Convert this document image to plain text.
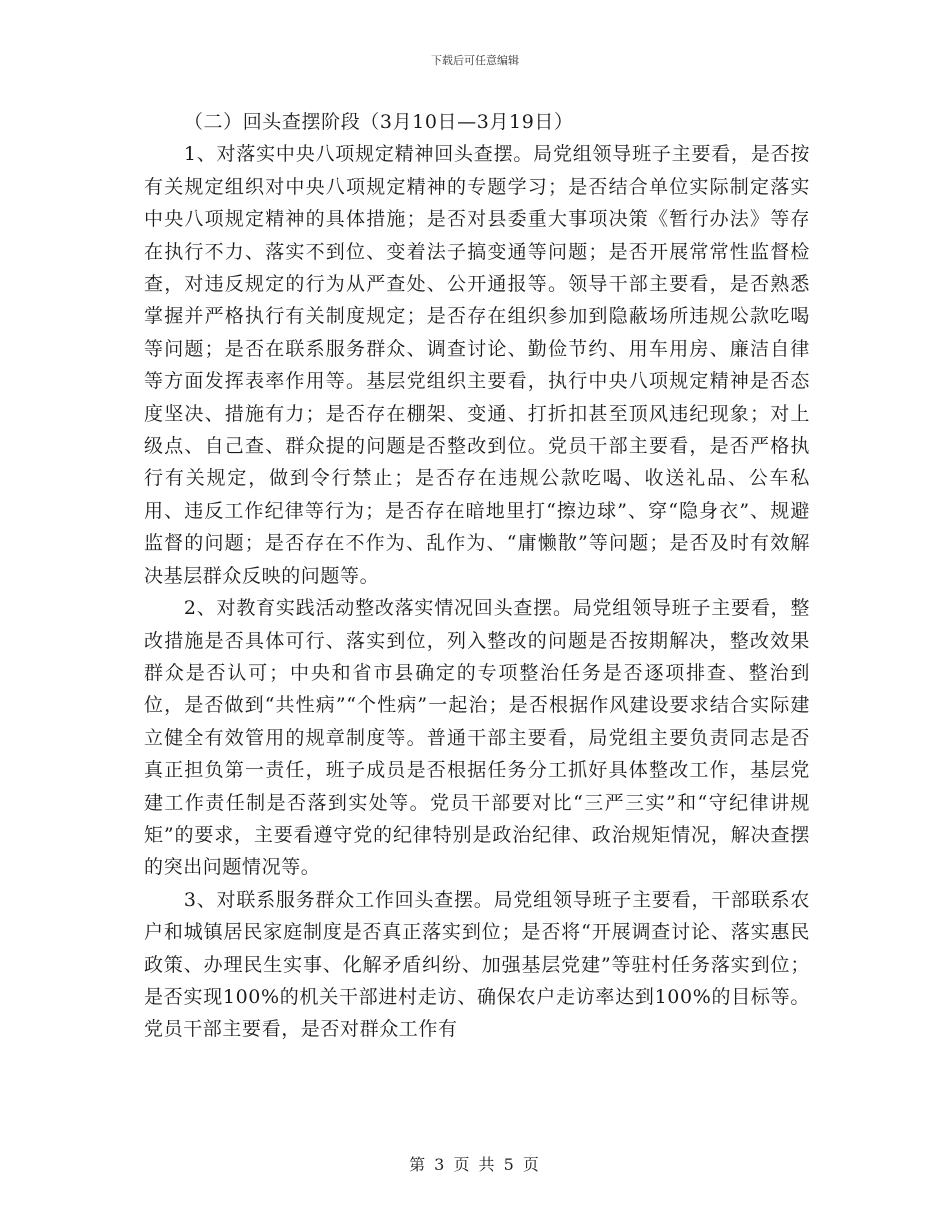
下载后可任意编辑

（二）回头查摆阶段（3月10日—3月19日）

1、对落实中央八项规定精神回头查摆。局党组领导班子主要看，是否按有关规定组织对中央八项规定精神的专题学习；是否结合单位实际制定落实中央八项规定精神的具体措施；是否对县委重大事项决策《暂行办法》等存在执行不力、落实不到位、变着法子搞变通等问题；是否开展常常性监督检查，对违反规定的行为从严查处、公开通报等。领导干部主要看，是否熟悉掌握并严格执行有关制度规定；是否存在组织参加到隐蔽场所违规公款吃喝等问题；是否在联系服务群众、调查讨论、勤俭节约、用车用房、廉洁自律等方面发挥表率作用等。基层党组织主要看，执行中央八项规定精神是否态度坚决、措施有力；是否存在棚架、变通、打折扣甚至顶风违纪现象；对上级点、自己查、群众提的问题是否整改到位。党员干部主要看，是否严格执行有关规定，做到令行禁止；是否存在违规公款吃喝、收送礼品、公车私用、违反工作纪律等行为；是否存在暗地里打“擦边球”、穿“隐身衣”、规避监督的问题；是否存在不作为、乱作为、“庸懒散”等问题；是否及时有效解决基层群众反映的问题等。

2、对教育实践活动整改落实情况回头查摆。局党组领导班子主要看，整改措施是否具体可行、落实到位，列入整改的问题是否按期解决，整改效果群众是否认可；中央和省市县确定的专项整治任务是否逐项排查、整治到位，是否做到“共性病”“个性病”一起治；是否根据作风建设要求结合实际建立健全有效管用的规章制度等。普通干部主要看，局党组主要负责同志是否真正担负第一责任，班子成员是否根据任务分工抓好具体整改工作，基层党建工作责任制是否落到实处等。党员干部要对比“三严三实”和“守纪律讲规矩”的要求，主要看遵守党的纪律特别是政治纪律、政治规矩情况，解决查摆的突出问题情况等。

3、对联系服务群众工作回头查摆。局党组领导班子主要看，干部联系农户和城镇居民家庭制度是否真正落实到位；是否将“开展调查讨论、落实惠民政策、办理民生实事、化解矛盾纠纷、加强基层党建”等驻村任务落实到位；是否实现100%的机关干部进村走访、确保农户走访率达到100%的目标等。党员干部主要看，是否对群众工作有

第 3 页 共 5 页
